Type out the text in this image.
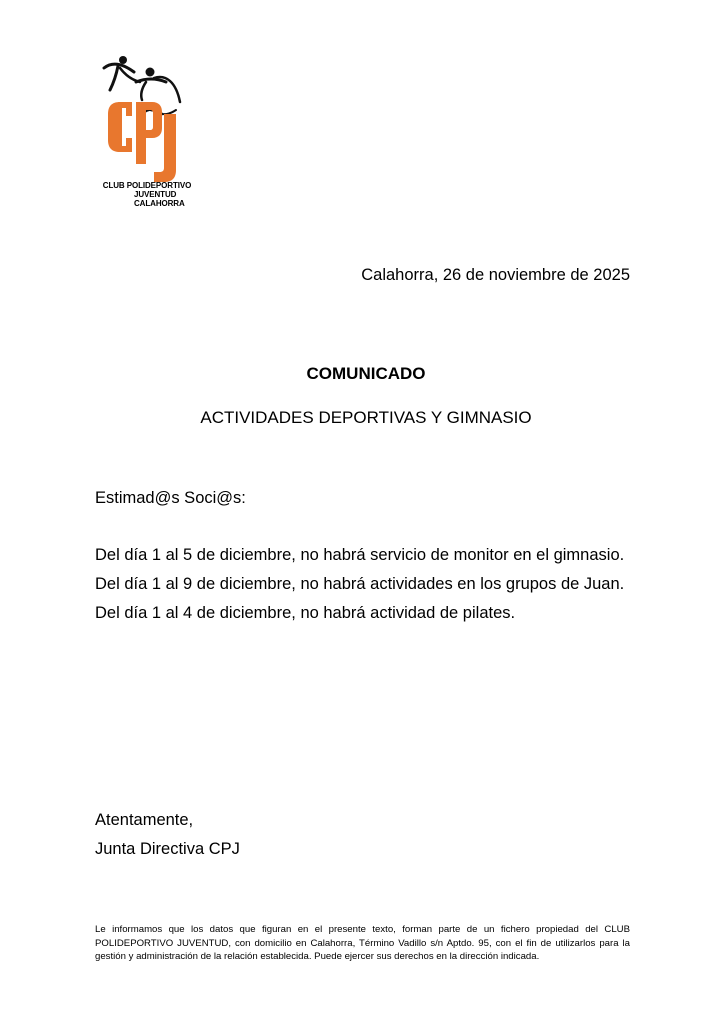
CLUB POLIDEPORTIVO
JUVENTUD
CALAHORRA
Calahorra, 26 de noviembre de 2025
COMUNICADO
ACTIVIDADES DEPORTIVAS Y GIMNASIO
Estimad@s Soci@s:
Del día 1 al 5 de diciembre, no habrá servicio de monitor en el gimnasio.
Del día 1 al 9 de diciembre, no habrá actividades en los grupos de Juan.
Del día 1 al 4 de diciembre, no habrá actividad de pilates.
Atentamente,
Junta Directiva CPJ
Le informamos que los datos que figuran en el presente texto, forman parte de un fichero propiedad del CLUB POLIDEPORTIVO JUVENTUD, con domicilio en Calahorra, Término Vadillo s/n Aptdo. 95, con el fin de utilizarlos para la gestión y administración de la relación establecida. Puede ejercer sus derechos en la dirección indicada.
